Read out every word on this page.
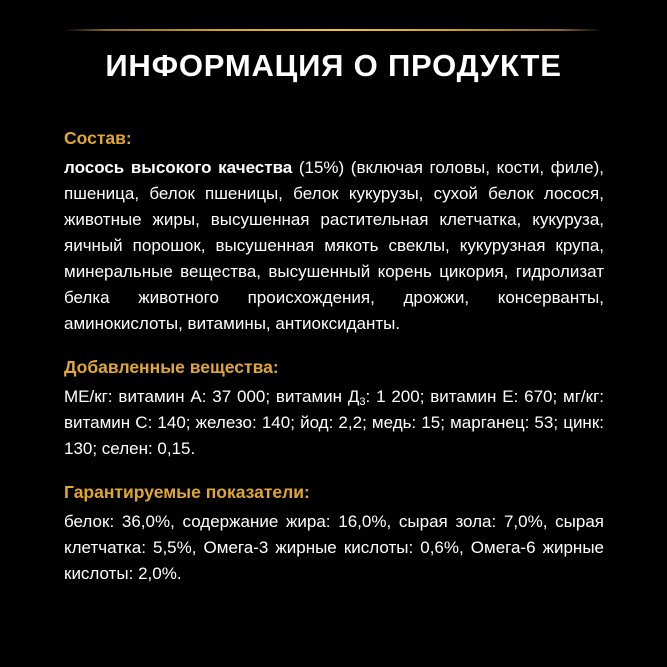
ИНФОРМАЦИЯ О ПРОДУКТЕ
Состав:

лосось высокого качества (15%) (включая головы, кости, филе), пшеница, белок пшеницы, белок кукурузы, сухой белок лосося, животные жиры, высушенная растительная клетчатка, кукуруза, яичный порошок, высушенная мякоть свеклы, кукурузная крупа, минеральные вещества, высушенный корень цикория, гидролизат белка животного происхождения, дрожжи, консерванты, аминокислоты, витамины, антиоксиданты.

Добавленные вещества:

МЕ/кг: витамин А: 37 000; витамин $Д_3$: 1 200; витамин Е: 670; мг/кг: витамин С: 140; железо: 140; йод: 2,2; медь: 15; марганец: 53; цинк: 130; селен: 0,15.

Гарантируемые показатели:

белок: 36,0%, содержание жира: 16,0%, сырая зола: 7,0%, сырая клетчатка: 5,5%, Омега-3 жирные кислоты: 0,6%, Омега-6 жирные кислоты: 2,0%.
